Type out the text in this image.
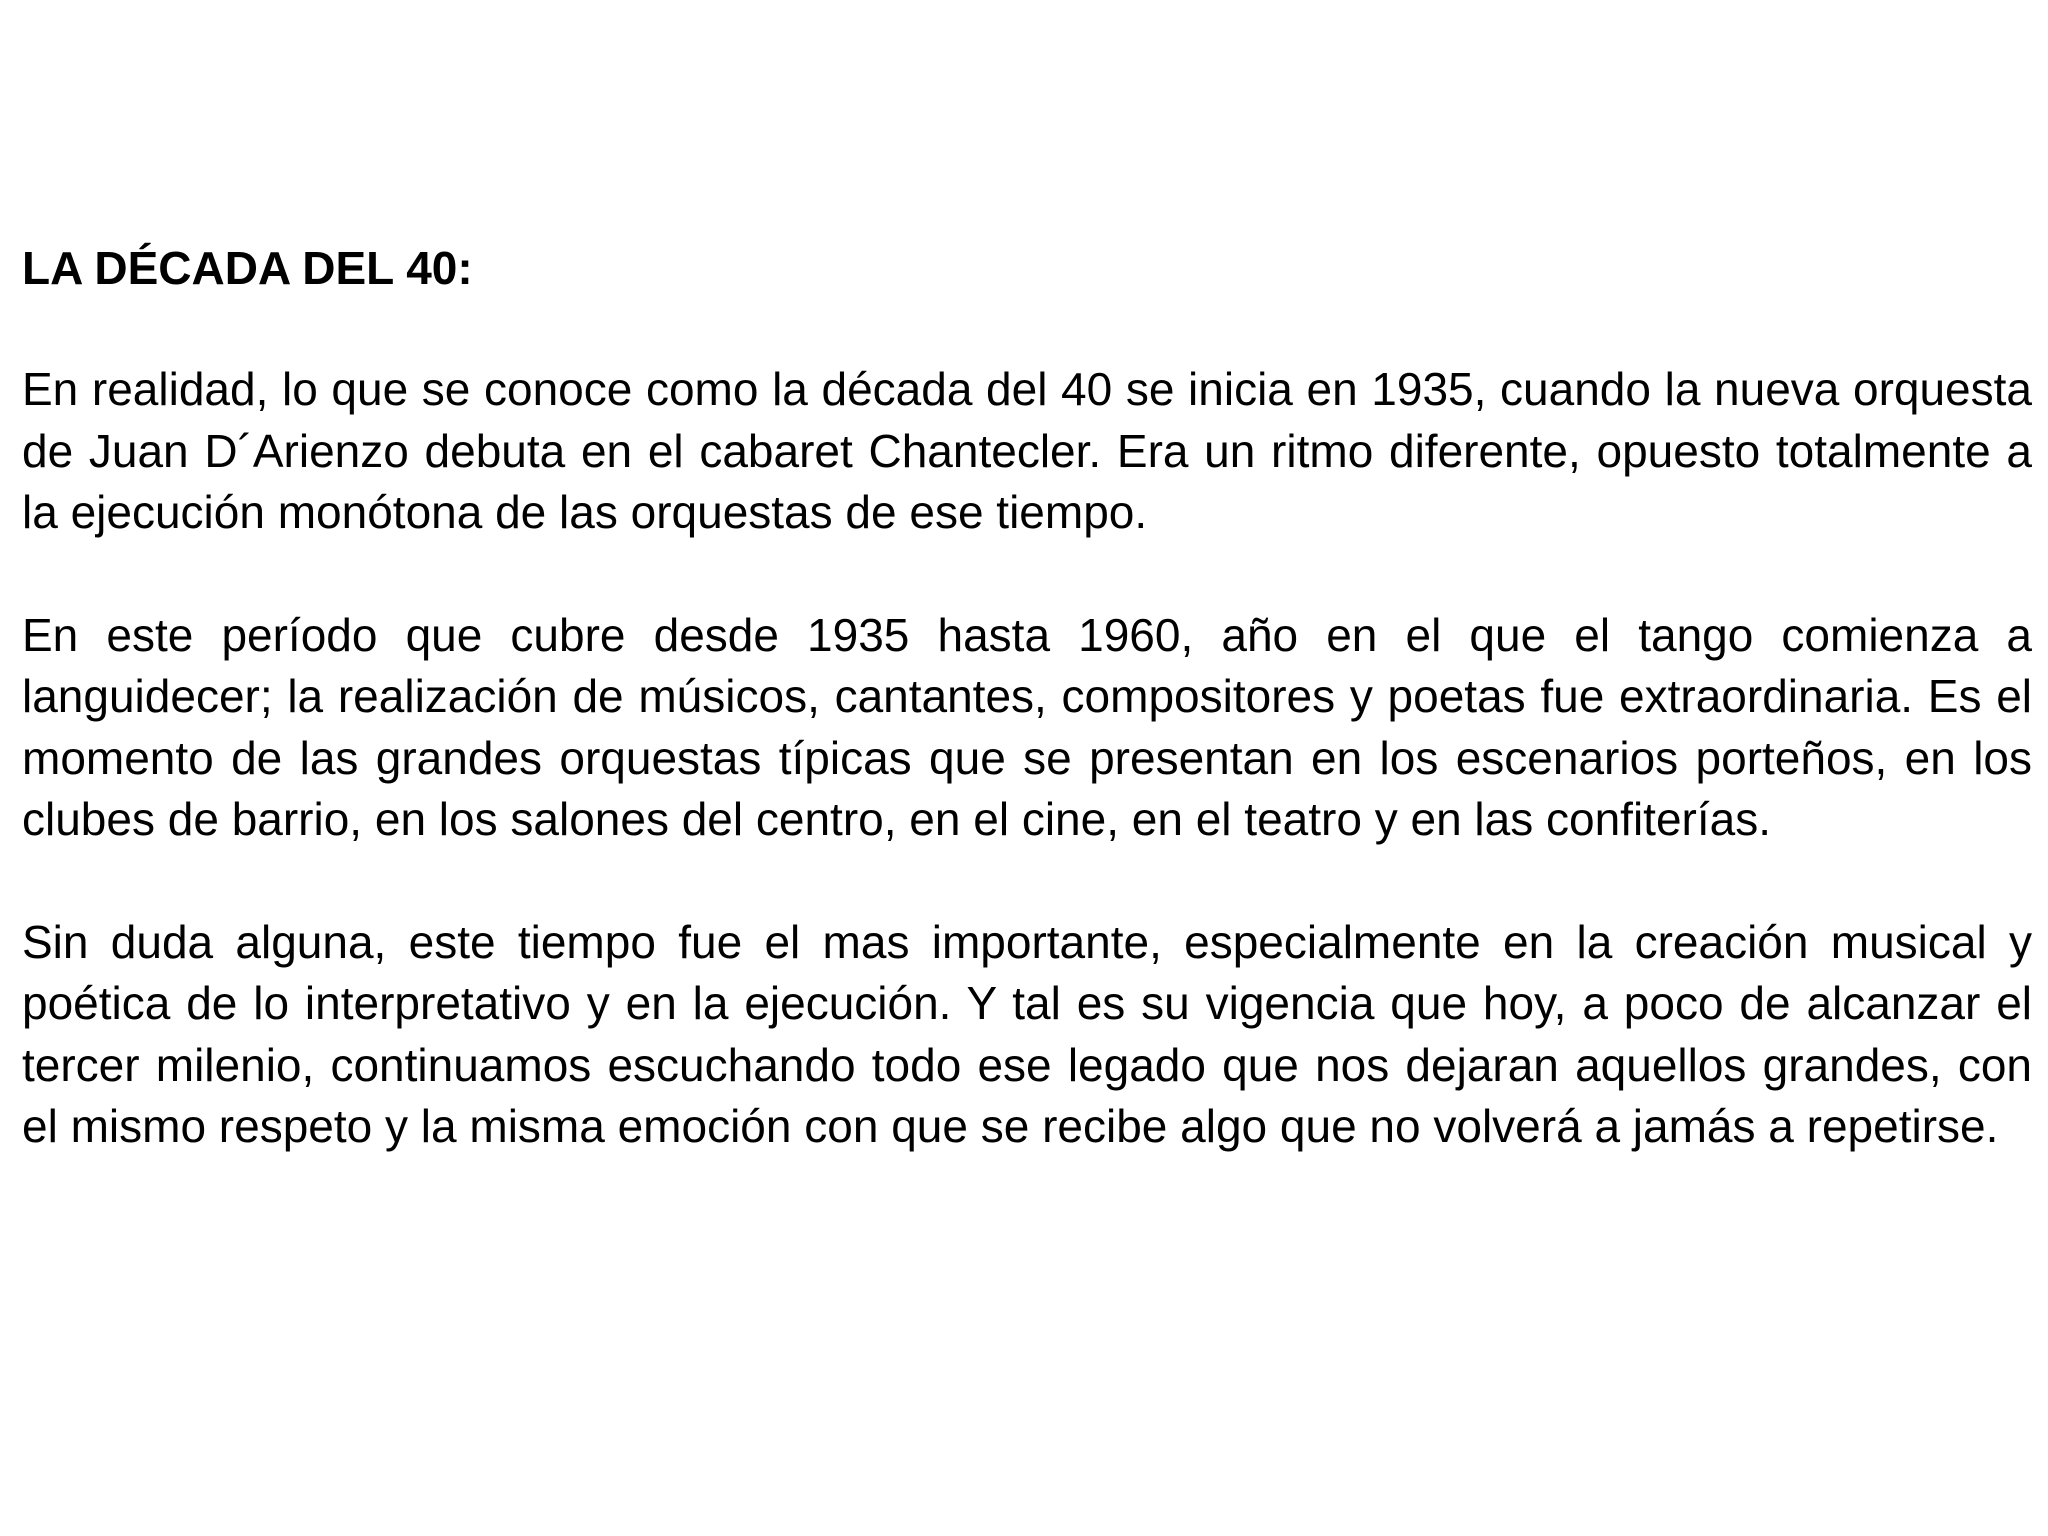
LA DÉCADA DEL 40:

En realidad, lo que se conoce como la década del 40 se inicia en 1935, cuando la nueva orquesta de Juan D´Arienzo debuta en el cabaret Chantecler. Era un ritmo diferente, opuesto totalmente a la ejecución monótona de las orquestas de ese tiempo.

En este período que cubre desde 1935 hasta 1960, año en el que el tango comienza a languidecer; la realización de músicos, cantantes, compositores y poetas fue extraordinaria. Es el momento de las grandes orquestas típicas que se presentan en los escenarios porteños, en los clubes de barrio, en los salones del centro, en el cine, en el teatro y en las confiterías.

Sin duda alguna, este tiempo fue el mas importante, especialmente en la creación musical y poética de lo interpretativo y en la ejecución. Y tal es su vigencia que hoy, a poco de alcanzar el tercer milenio, continuamos escuchando todo ese legado que nos dejaran aquellos grandes, con el mismo respeto y la misma emoción con que se recibe algo que no volverá a jamás a repetirse.
